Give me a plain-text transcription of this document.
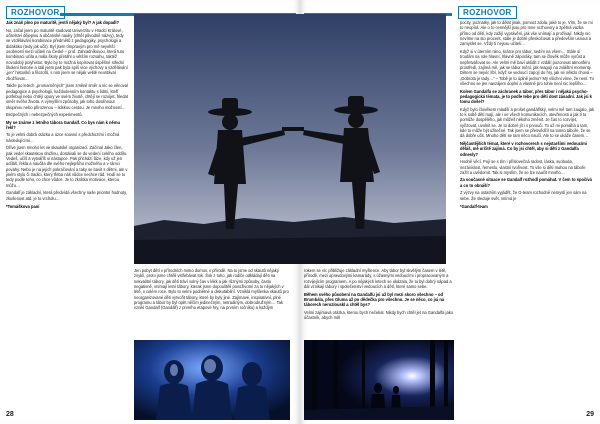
ROZHOVOR

Jak znáš plno po maturitě, jestli nějaký byl? A jak dopadl?

No, začal jsem po maturitě studovat Univerzitu v Hradci Králové, učitelství dějepisu a občanské nauky (chtěl původně názvy), tedy ve vzdělávání kombinace předmětů z pedagogiky, psychologii a didaktiku (tedy jak učit). Byl jsem tímpravým pro mě největší osobností mezi učiteli na České – prof. Zahradníkovou, která tuto kombinaci učila a mála školy přetáhl o větším rozsahu, taktéž novodobý polyhistor. Bylo by to možná kopírovat úspěšné střední školení historie a stál jsem pak byla spíš více výchovy a vzdělávání „jen“ historiků a filozofů, s nim jsem se nějak velitě neostával zbožňovat…

Takže po letech „promarněných“ jsem změnil směr a víc se věnoval pedagogice a psychologii, každodenním kontaktu s lidmi, kteří potřebují nebo chtějí opory ve svém životě, chtějí se rozvíjet, hledat směr svého života. A výmyšlím způsoby, jak toho dosáhnout skupinou nebo přirozenou – lidskou cestou. Je mnoho možností…

Bezpečných i nebezpečných experimentů.

My se známe z letního tábora Gandalf. Co bys nám k němu řekl?

To je velmi dobrá otázka a úzce souvisí s předchozími i možná následujícími…

Dříve jsem mnoho let ve skautské organizaci. Začínal Jako člen, pak vedel skautskou družinu, dostávali se do vedení celého oddílu. Vedeš, učíš a vytváříš si nástupce. Pak přichází fáze, kdy už jen udíláš, řekla a naučila dle svého nejlepšího možného a v rámci povahy. Nebo je na jejich pokračování a taky se bavit s dětmi, ale v jiném stylu či tradici, který třeba náš vůdce nechce rád. Hodí se to tedy podle toho, co chce vůdce. Je to zkrátka motivace, kterou můžu…

Gandalf je základní, která předvídá všechny naše prioritní hodnoty, zkušenost atd. je to vrcholu…

*Tomáškova paní

Jen pobyt dětí v přírodních mimo domov, v přírodě. Na to jsme od skautů nějaký zvyklí, proto jsme chtěli vstřebávat tok. Šok z toho, jak rodiče odkládají děti na nekvalitní tábory, jak děti tráví volný čas v lékk a jak různými způsoby, často negativně, vnímají letní tábory, kterak jsme dopouštěli povoživotní za to nějakých v létě, v celém roce. Bylo to velmi podnětné a diskutabilní. Vznikla myšlenka skautů pro neorganizované děti vytvořit tábory, které by byly jiné. Zajímavé, inspirativní, plné programu a tábor by byl opět něčím jedinečným, netradiným, dobrodružným… Tak vznikl Gandalf (Gandálf) z prvního etapové hry, na prvním ročníku) a každým

28
ROZHOVOR

rokem se víc přibližuje základní myšlence. Aby tábor byl skvělým časem v létě, přírodě, mezi opravdovými kamarády, s úžasnými vedoucími i propracovaným a rozvijejícím programem. A po nějakých letech se ukázala, že to byl dobrý nápad a dál vznikají tábory i společenství vedoucích a dětí, které samo sebe.

Během svého působení na Gandalfu jsi už byl mezi skoro všechno – od Brumbála, přes Gluma až po dědečka pro všechno. Je se něco, co jsi na táborech nerozlouskl a chtěl bys?

Velmi zajímavá otázka, kterou bych nečekal. Nikdy bych chtěl jet na Gandalfa jako účastník, abych měl

pocity, poznatky, jak to dělat jinak, pomoct zdola, jaké to je. Vím, že se mi to neopírá. Ale o to cennější jsou pro mne rozhovory a zpětná vazba přímo od dětí, kdy zažijí vyprávění, jak vše vnímají a prožívají. Nikdy nic nevíme na sto procent, stále je dobré přeskočovat a především usnout a zamyslet se. Vždy ti nejsou učiteli…

Když si v úterním ráno, krátce pro tábor, sedím na všem… Stále si troufám na role hlavní, hlavně záporáky, tam se člověk může vyrůst a nepřetvářovat se. Ale velmi mě baví uklidit z vzdálí pozorovat atmosféru prostředí, zajímá mě, jak se tábor mění, jak reagují na zvláštní momenty. Dětem se nejvíc líbí, když se vedoucí zapojí do hry, jak se někdo chová – „Dobrota je tady…“ – Tobě je to úplně jedno? My všichni víme, že není. To všechno se jen navzájem doplní a vlastně pro tohle není nic lepšího…

Kolem Gandalfa se záchranek a tábor, přes tábor i nějaká psycho-pedagogická témata, je to podle tebe pro děti dost zásadní. Jak jsi k tomu došel?

Když bylo člověkem mladší a prošel gandálfský, velmi mě tam zaujalo, jak to k sobě děti mají, ale i ve všech komunikacích, otevřenosti a jak ti to pomůže dospělého, jak můžeš někoho změnit. Je čas to rozvíjet, vyřizovat, uvolnit se. Je to dobré jít i s prvouči. To už mi pomáhá a tam, kde to může být užitečné. Tak jsem se přesvědčil na tomto táboře, že se dá dobře učit. Mnoho dětí se tam něco naučí. Ale to se ukáže časem…

Nějčastějších témat, které v rozhovorech s nejstaršími vedoucími děláš, mě určitě zajímá. Co by jsi chtěl, aby si děti z Gandalfa odnesly?

Hodně věcí. Pojí se s tím i příslovečná radost, láska, svoboda, nezávislost, řemeslo, vlastní tvořivost. To vše si děti mohou na táboře zažít a uvědomit. Tak si myslím, že se lze naučit mnoho…

Za současné situace se Gandalf rozhodl pomáhat. V čem to spočívá a co to obnáší?

Z výzvy na ostatním vyjádřit, že G-team rozhodně nemyslí jen sám na sebe. Že sleduje svět, vnímá je

*Gandalf-team

29
